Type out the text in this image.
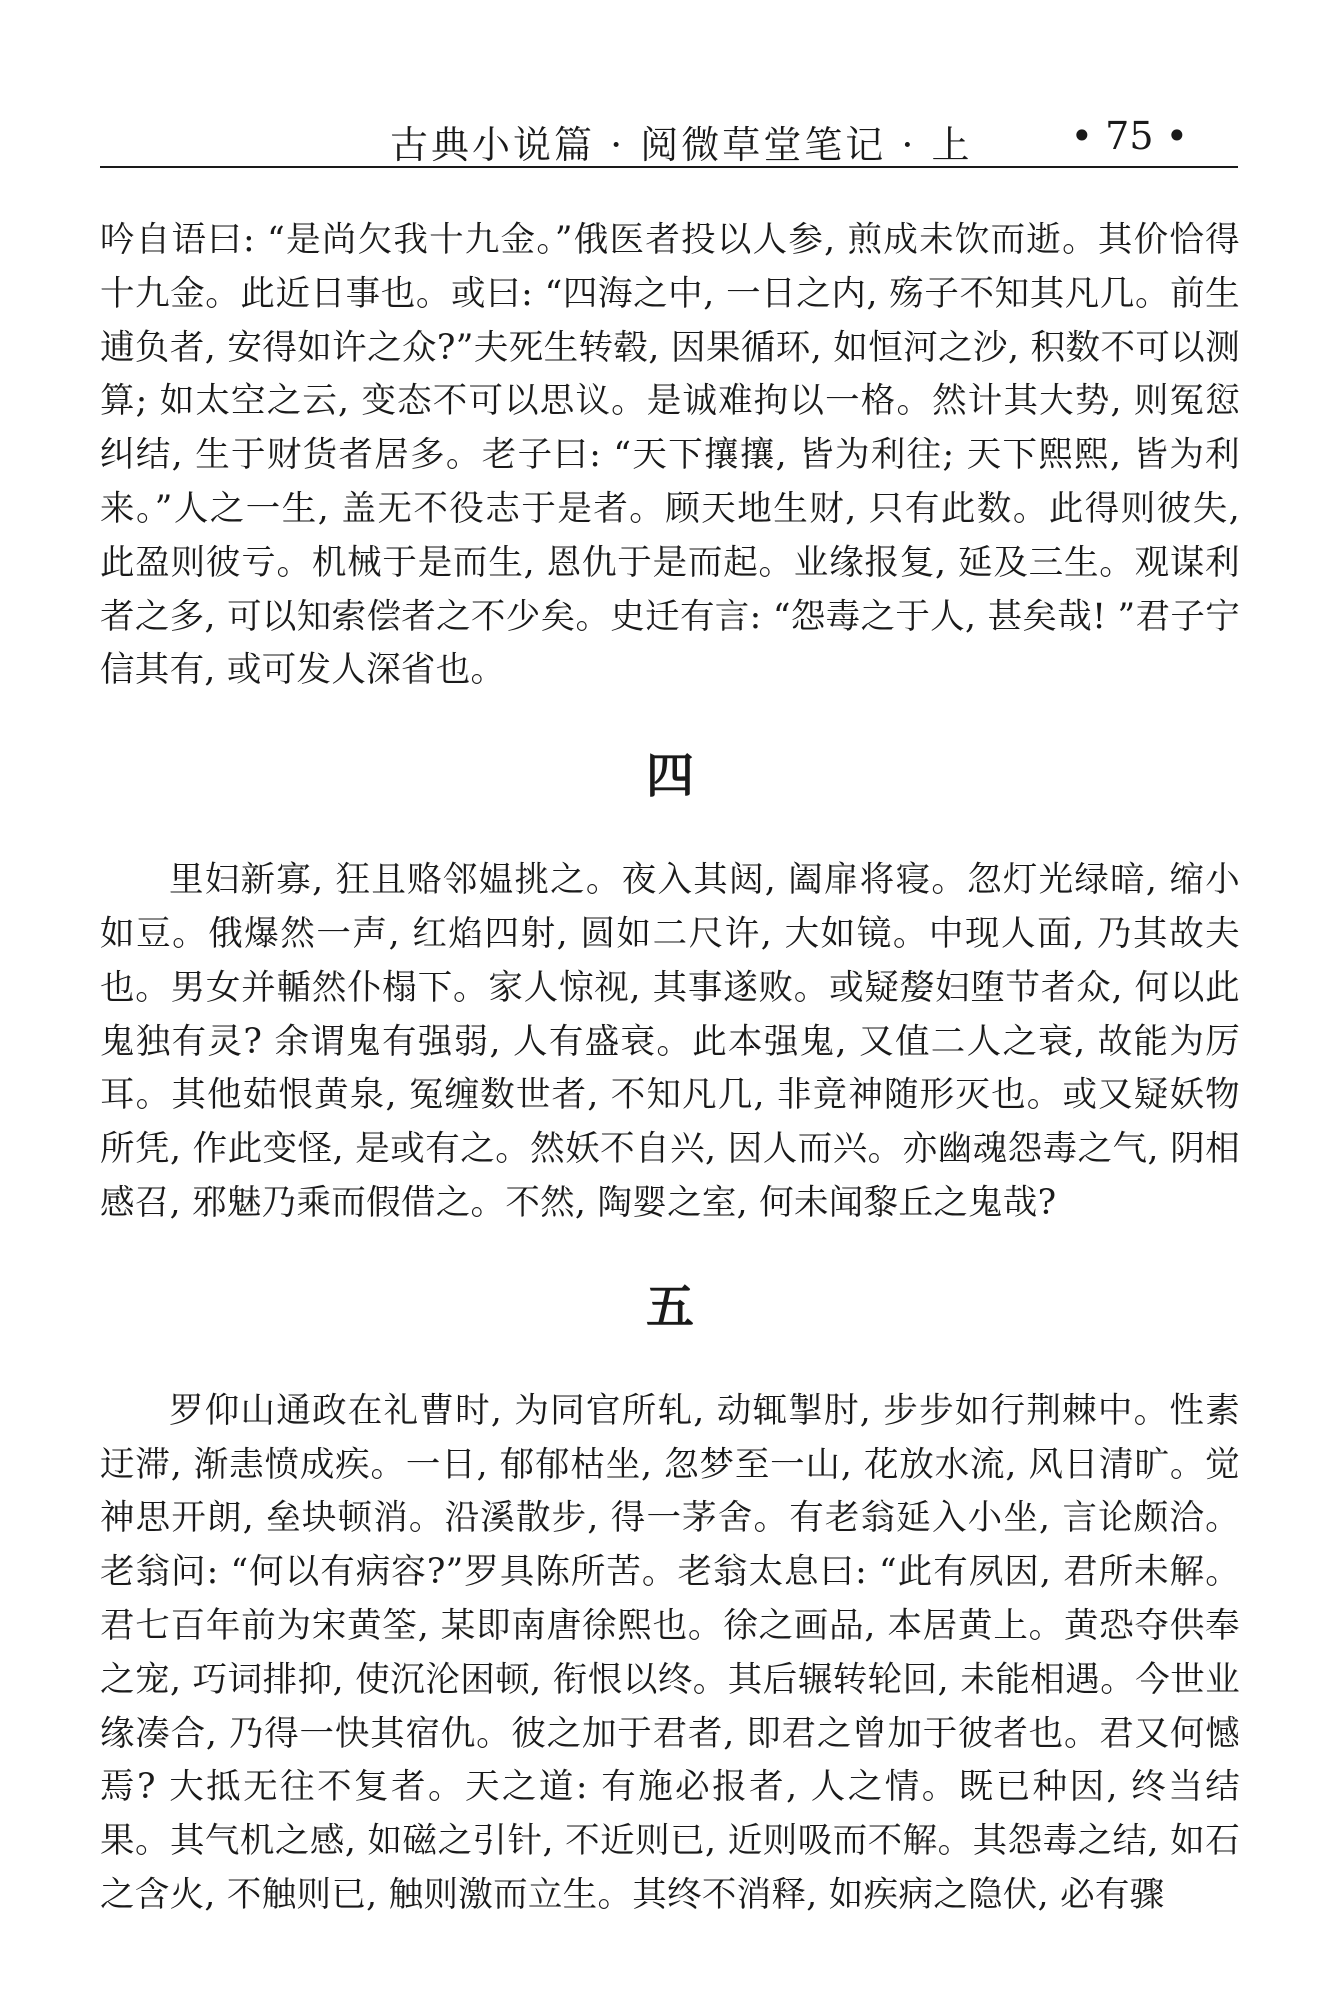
古典小说篇 · 阅微草堂笔记 · 上	• 75 •

吟自语曰: “是尚欠我十九金。”俄医者投以人参, 煎成未饮而逝。其价恰得十九金。此近日事也。或曰: “四海之中, 一日之内, 殇子不知其凡几。前生逋负者, 安得如许之众?”夫死生转毂, 因果循环, 如恒河之沙, 积数不可以测算; 如太空之云, 变态不可以思议。是诚难拘以一格。然计其大势, 则冤愆纠结, 生于财货者居多。老子曰: “天下攘攘, 皆为利往; 天下熙熙, 皆为利来。”人之一生, 盖无不役志于是者。顾天地生财, 只有此数。此得则彼失, 此盈则彼亏。机械于是而生, 恩仇于是而起。业缘报复, 延及三生。观谋利者之多, 可以知索偿者之不少矣。史迁有言: “怨毒之于人, 甚矣哉! ”君子宁信其有, 或可发人深省也。

四

里妇新寡, 狂且赂邻媪挑之。夜入其闼, 阖扉将寝。忽灯光绿暗, 缩小如豆。俄爆然一声, 红焰四射, 圆如二尺许, 大如镜。中现人面, 乃其故夫也。男女并輴然仆榻下。家人惊视, 其事遂败。或疑嫠妇堕节者众, 何以此鬼独有灵? 余谓鬼有强弱, 人有盛衰。此本强鬼, 又值二人之衰, 故能为厉耳。其他茹恨黄泉, 冤缠数世者, 不知凡几, 非竟神随形灭也。或又疑妖物所凭, 作此变怪, 是或有之。然妖不自兴, 因人而兴。亦幽魂怨毒之气, 阴相感召, 邪魅乃乘而假借之。不然, 陶婴之室, 何未闻黎丘之鬼哉?

五

罗仰山通政在礼曹时, 为同官所轧, 动辄掣肘, 步步如行荆棘中。性素迂滞, 渐恚愤成疾。一日, 郁郁枯坐, 忽梦至一山, 花放水流, 风日清旷。觉神思开朗, 垒块顿消。沿溪散步, 得一茅舍。有老翁延入小坐, 言论颇洽。老翁问: “何以有病容?”罗具陈所苦。老翁太息曰: “此有夙因, 君所未解。君七百年前为宋黄筌, 某即南唐徐熙也。徐之画品, 本居黄上。黄恐夺供奉之宠, 巧词排抑, 使沉沦困顿, 衔恨以终。其后辗转轮回, 未能相遇。今世业缘凑合, 乃得一快其宿仇。彼之加于君者, 即君之曾加于彼者也。君又何憾焉? 大抵无往不复者。天之道: 有施必报者, 人之情。既已种因, 终当结果。其气机之感, 如磁之引针, 不近则已, 近则吸而不解。其怨毒之结, 如石之含火, 不触则已, 触则激而立生。其终不消释, 如疾病之隐伏, 必有骤
